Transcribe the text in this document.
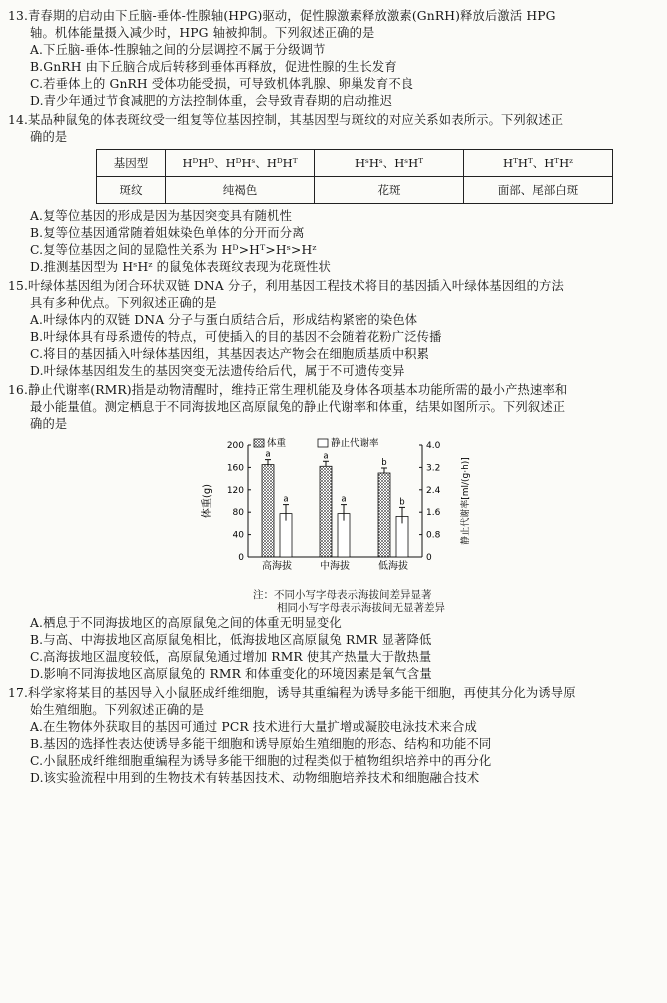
13.青春期的启动由下丘脑-垂体-性腺轴(HPG)驱动，促性腺激素释放激素(GnRH)释放后激活 HPG
轴。机体能量摄入减少时，HPG 轴被抑制。下列叙述正确的是
A.下丘脑-垂体-性腺轴之间的分层调控不属于分级调节
B.GnRH 由下丘脑合成后转移到垂体再释放，促进性腺的生长发育
C.若垂体上的 GnRH 受体功能受损，可导致机体乳腺、卵巢发育不良
D.青少年通过节食减肥的方法控制体重，会导致青春期的启动推迟
14.某品种鼠兔的体表斑纹受一组复等位基因控制，其基因型与斑纹的对应关系如表所示。下列叙述正
确的是
基因型	HᴰHᴰ、HᴰHˢ、HᴰHᵀ	HˢHˢ、HˢHᵀ	HᵀHᵀ、HᵀHᶻ
斑纹	纯褐色	花斑	面部、尾部白斑
A.复等位基因的形成是因为基因突变具有随机性
B.复等位基因通常随着姐妹染色单体的分开而分离
C.复等位基因之间的显隐性关系为 Hᴰ>Hᵀ>Hˢ>Hᶻ
D.推测基因型为 HˢHᶻ 的鼠兔体表斑纹表现为花斑性状
15.叶绿体基因组为闭合环状双链 DNA 分子，利用基因工程技术将目的基因插入叶绿体基因组的方法
具有多种优点。下列叙述正确的是
A.叶绿体内的双链 DNA 分子与蛋白质结合后，形成结构紧密的染色体
B.叶绿体具有母系遗传的特点，可使插入的目的基因不会随着花粉广泛传播
C.将目的基因插入叶绿体基因组，其基因表达产物会在细胞质基质中积累
D.叶绿体基因组发生的基因突变无法遗传给后代，属于不可遗传变异
16.静止代谢率(RMR)指是动物清醒时，维持正常生理机能及身体各项基本功能所需的最小产热速率和
最小能量值。测定栖息于不同海拔地区高原鼠兔的静止代谢率和体重，结果如图所示。下列叙述正
确的是
0
40
80
120
160
200
0
0.8
1.6
2.4
3.2
4.0
体重(g)	静止代谢率[ml/(g·h)]
体重	静止代谢率
a
a
高海拔
a
a
中海拔
b
b
低海拔
注：不同小写字母表示海拔间差异显著
相同小写字母表示海拔间无显著差异
A.栖息于不同海拔地区的高原鼠兔之间的体重无明显变化
B.与高、中海拔地区高原鼠兔相比，低海拔地区高原鼠兔 RMR 显著降低
C.高海拔地区温度较低，高原鼠兔通过增加 RMR 使其产热量大于散热量
D.影响不同海拔地区高原鼠兔的 RMR 和体重变化的环境因素是氧气含量
17.科学家将某目的基因导入小鼠胚成纤维细胞，诱导其重编程为诱导多能干细胞，再使其分化为诱导原
始生殖细胞。下列叙述正确的是
A.在生物体外获取目的基因可通过 PCR 技术进行大量扩增或凝胶电泳技术来合成
B.基因的选择性表达使诱导多能干细胞和诱导原始生殖细胞的形态、结构和功能不同
C.小鼠胚成纤维细胞重编程为诱导多能干细胞的过程类似于植物组织培养中的再分化
D.该实验流程中用到的生物技术有转基因技术、动物细胞培养技术和细胞融合技术
